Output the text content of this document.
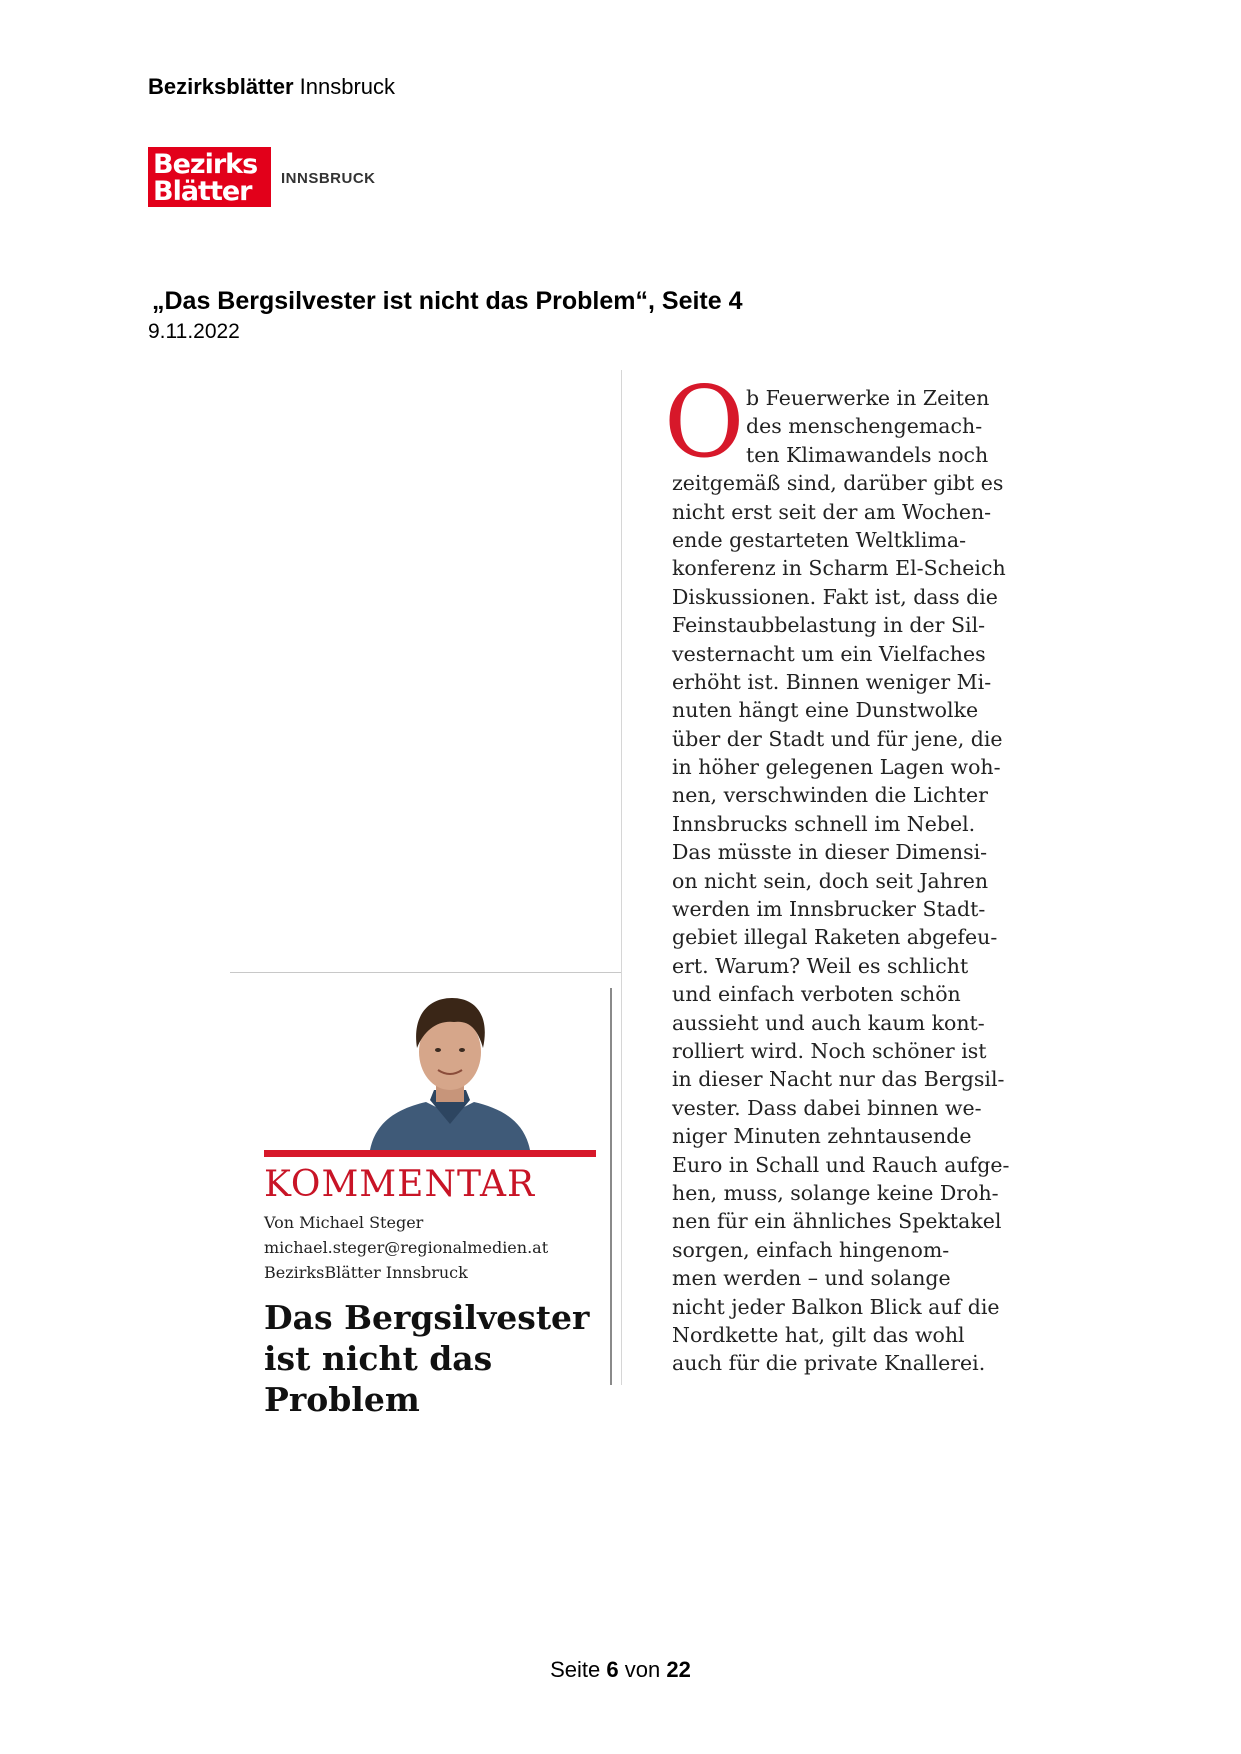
Bezirksblätter Innsbruck
Bezirks
Blätter INNSBRUCK
„Das Bergsilvester ist nicht das Problem“, Seite 4
9.11.2022
KOMMENTAR
Von Michael Steger
michael.steger@regionalmedien.at
BezirksBlätter Innsbruck
Das Bergsilvester ist nicht das Problem
O b Feuerwerke in Zeiten
des menschengemach-
ten Klimawandels noch
zeitgemäß sind, darüber gibt es
nicht erst seit der am Wochen-
ende gestarteten Weltklima-
konferenz in Scharm El-Scheich
Diskussionen. Fakt ist, dass die
Feinstaubbelastung in der Sil-
vesternacht um ein Vielfaches
erhöht ist. Binnen weniger Mi-
nuten hängt eine Dunstwolke
über der Stadt und für jene, die
in höher gelegenen Lagen woh-
nen, verschwinden die Lichter
Innsbrucks schnell im Nebel.
Das müsste in dieser Dimensi-
on nicht sein, doch seit Jahren
werden im Innsbrucker Stadt-
gebiet illegal Raketen abgefeu-
ert. Warum? Weil es schlicht
und einfach verboten schön
aussieht und auch kaum kont-
rolliert wird. Noch schöner ist
in dieser Nacht nur das Bergsil-
vester. Dass dabei binnen we-
niger Minuten zehntausende
Euro in Schall und Rauch aufge-
hen, muss, solange keine Droh-
nen für ein ähnliches Spektakel
sorgen, einfach hingenom-
men werden – und solange
nicht jeder Balkon Blick auf die
Nordkette hat, gilt das wohl
auch für die private Knallerei.
Seite 6 von 22
